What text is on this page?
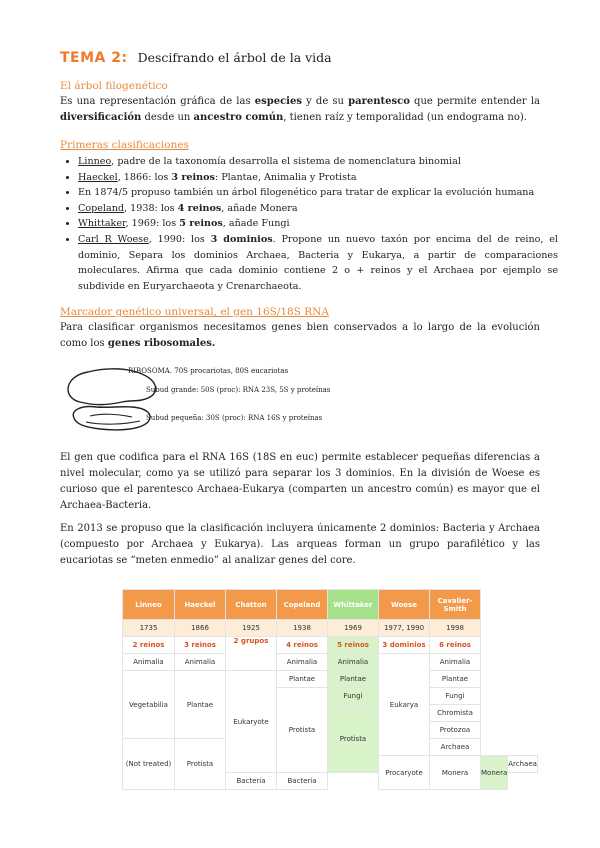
TEMA 2: Descifrando el árbol de la vida
El árbol filogenético
Es una representación gráfica de las especies y de su parentesco que permite entender la diversificación desde un ancestro común, tienen raíz y temporalidad (un endograma no).
Primeras clasificaciones
• Linneo, padre de la taxonomía desarrolla el sistema de nomenclatura binomial
• Haeckel, 1866: los 3 reinos: Plantae, Animalia y Protista
• En 1874/5 propuso también un árbol filogenético para tratar de explicar la evolución humana
• Copeland, 1938: los 4 reinos, añade Monera
• Whittaker, 1969: los 5 reinos, añade Fungi
• Carl R Woese, 1990: los 3 dominios. Propone un nuevo taxón por encima del de reino, el dominio, Separa los dominios Archaea, Bacteria y Eukarya, a partir de comparaciones moleculares. Afirma que cada dominio contiene 2 o + reinos y el Archaea por ejemplo se subdivide en Euryarchaeota y Crenarchaeota.
Marcador genético universal, el gen 16S/18S RNA
Para clasificar organismos necesitamos genes bien conservados a lo largo de la evolución como los genes ribosomales.
RIBOSOMA. 70S procariotas, 80S eucariotas
Subud grande: 50S (proc): RNA 23S, 5S y proteínas
Subud pequeña: 30S (proc): RNA 16S y proteínas
El gen que codifica para el RNA 16S (18S en euc) permite establecer pequeñas diferencias a nivel molecular, como ya se utilizó para separar los 3 dominios. En la división de Woese es curioso que el parentesco Archaea-Eukarya (comparten un ancestro común) es mayor que el Archaea-Bacteria.
En 2013 se propuso que la clasificación incluyera únicamente 2 dominios: Bacteria y Archaea (compuesto por Archaea y Eukarya). Las arqueas forman un grupo parafilético y las eucariotas se “meten enmedio” al analizar genes del core.
Linneo	Haeckel	Chatton	Copeland	Whittaker	Woese	Cavalier-Smith		
1735	1866	1925	1938	1969	1977, 1990	1998		
2 reinos	3 reinos	2 grupos	4 reinos	5 reinos	3 dominios	6 reinos		
Animalia	Animalia		Animalia	Animalia	Eukarya	Animalia		
Vegetabilia	Plantae	Eukaryote	Plantae	Plantae		Plantae		
			Protista	Fungi		Fungi		
				Protista		Chromista		
						Protozoa		
(Not treated)	Protista					Archaea		
					Procaryote	Monera	Monera	Archaea
		Bacteria	Bacteria					
